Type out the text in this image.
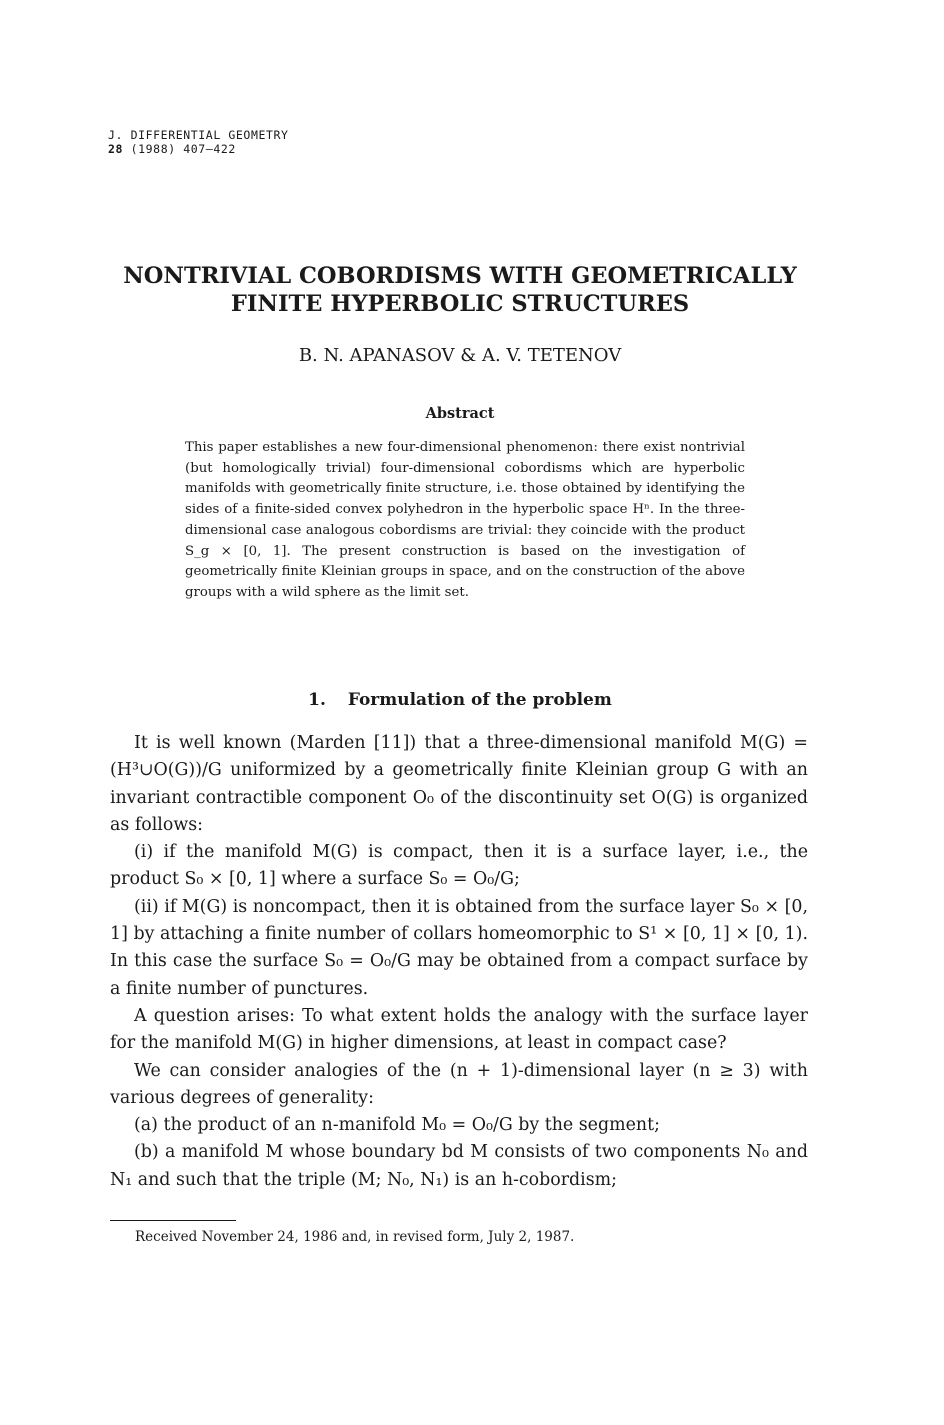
J. DIFFERENTIAL GEOMETRY
28 (1988) 407–422
NONTRIVIAL COBORDISMS WITH GEOMETRICALLY
FINITE HYPERBOLIC STRUCTURES
B. N. APANASOV & A. V. TETENOV
Abstract
This paper establishes a new four-dimensional phenomenon: there exist nontrivial (but homologically trivial) four-dimensional cobordisms which are hyperbolic manifolds with geometrically finite structure, i.e. those obtained by identifying the sides of a finite-sided convex polyhedron in the hyperbolic space Hⁿ. In the three-dimensional case analogous cobordisms are trivial: they coincide with the product S_g × [0, 1]. The present construction is based on the investigation of geometrically finite Kleinian groups in space, and on the construction of the above groups with a wild sphere as the limit set.
1. Formulation of the problem

It is well known (Marden [11]) that a three-dimensional manifold M(G) = (H³∪O(G))/G uniformized by a geometrically finite Kleinian group G with an invariant contractible component O₀ of the discontinuity set O(G) is organized as follows:

(i) if the manifold M(G) is compact, then it is a surface layer, i.e., the product S₀ × [0, 1] where a surface S₀ = O₀/G;

(ii) if M(G) is noncompact, then it is obtained from the surface layer S₀ × [0, 1] by attaching a finite number of collars homeomorphic to S¹ × [0, 1] × [0, 1). In this case the surface S₀ = O₀/G may be obtained from a compact surface by a finite number of punctures.

A question arises: To what extent holds the analogy with the surface layer for the manifold M(G) in higher dimensions, at least in compact case?

We can consider analogies of the (n + 1)-dimensional layer (n ≥ 3) with various degrees of generality:

(a) the product of an n-manifold M₀ = O₀/G by the segment;

(b) a manifold M whose boundary bd M consists of two components N₀ and N₁ and such that the triple (M; N₀, N₁) is an h-cobordism;

Received November 24, 1986 and, in revised form, July 2, 1987.
